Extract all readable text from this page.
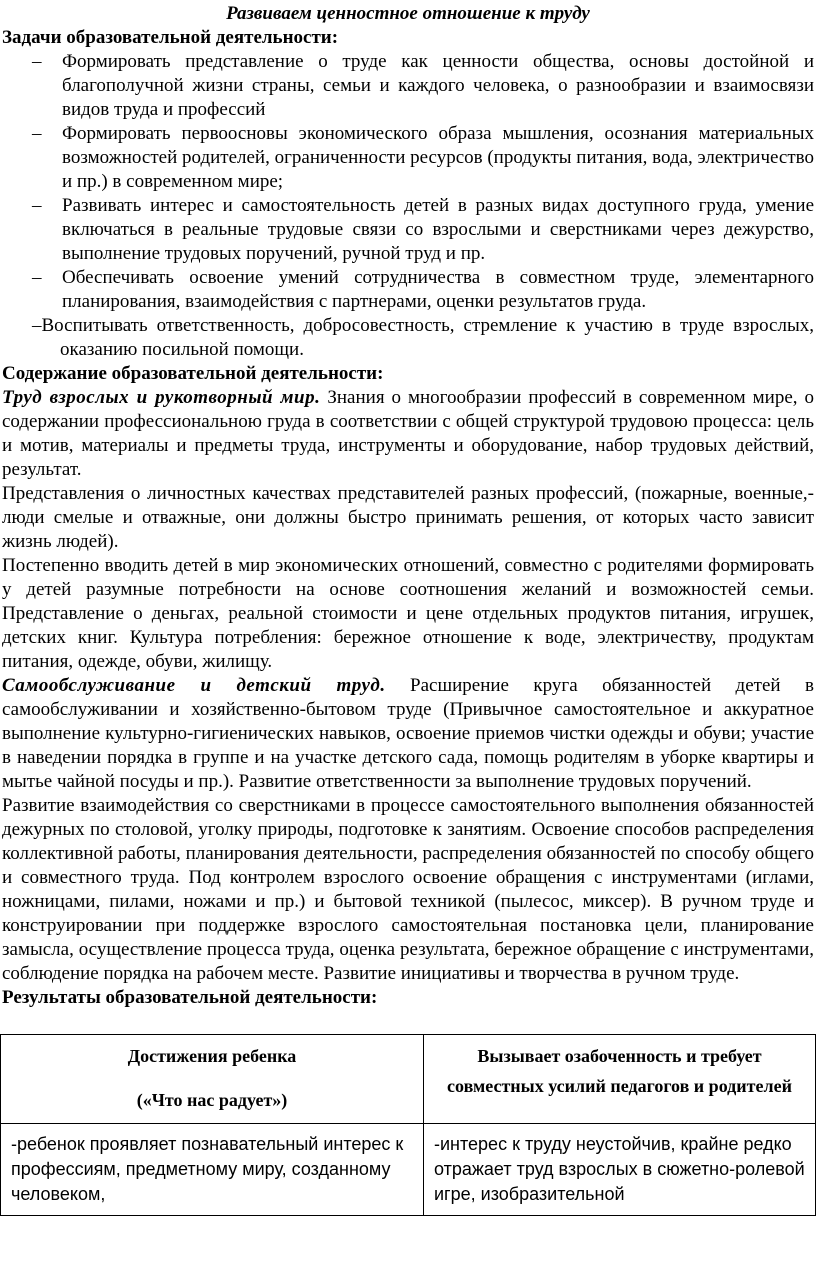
Развиваем ценностное отношение к труду

Задачи образовательной деятельности:

– Формировать представление о труде как ценности общества, основы достойной и благополучной жизни страны, семьи и каждого человека, о разнообразии и взаимосвязи видов труда и профессий
– Формировать первоосновы экономического образа мышления, осознания материальных возможностей родителей, ограниченности ресурсов (продукты питания, вода, электричество и пр.) в современном мире;
– Развивать интерес и самостоятельность детей в разных видах доступного груда, умение включаться в реальные трудовые связи со взрослыми и сверстниками через дежурство, выполнение трудовых поручений, ручной труд и пр.
– Обеспечивать освоение умений сотрудничества в совместном труде, элементарного планирования, взаимодействия с партнерами, оценки результатов груда.

–Воспитывать ответственность, добросовестность, стремление к участию в труде взрослых, оказанию посильной помощи.

Содержание образовательной деятельности:

Труд взрослых и рукотворный мир. Знания о многообразии профессий в современном мире, о содержании профессиональною груда в соответствии с общей структурой трудовою процесса: цель и мотив, материалы и предметы труда, инструменты и оборудование, набор трудовых действий, результат.

Представления о личностных качествах представителей разных профессий, (пожарные, военные,- люди смелые и отважные, они должны быстро принимать решения, от которых часто зависит жизнь людей).

Постепенно вводить детей в мир экономических отношений, совместно с родителями формировать у детей разумные потребности на основе соотношения желаний и возможностей семьи. Представление о деньгах, реальной стоимости и цене отдельных продуктов питания, игрушек, детских книг. Культура потребления: бережное отношение к воде, электричеству, продуктам питания, одежде, обуви, жилищу.

Самообслуживание и детский труд. Расширение круга обязанностей детей в самообслуживании и хозяйственно-бытовом труде (Привычное самостоятельное и аккуратное выполнение культурно-гигиенических навыков, освоение приемов чистки одежды и обуви; участие в наведении порядка в группе и на участке детского сада, помощь родителям в уборке квартиры и мытье чайной посуды и пр.). Развитие ответственности за выполнение трудовых поручений.

Развитие взаимодействия со сверстниками в процессе самостоятельного выполнения обязанностей дежурных по столовой, уголку природы, подготовке к занятиям. Освоение способов распределения коллективной работы, планирования деятельности, распределения обязанностей по способу общего и совместного труда. Под контролем взрослого освоение обращения с инструментами (иглами, ножницами, пилами, ножами и пр.) и бытовой техникой (пылесос, миксер). В ручном труде и конструировании при поддержке взрослого самостоятельная постановка цели, планирование замысла, осуществление процесса труда, оценка результата, бережное обращение с инструментами, соблюдение порядка на рабочем месте. Развитие инициативы и творчества в ручном труде.

Результаты образовательной деятельности:

Достижения ребенка
(«Что нас радует»)	Вызывает озабоченность и требует совместных усилий педагогов и родителей

-ребенок проявляет познавательный интерес к профессиям, предметному миру, созданному человеком,	-интерес к труду неустойчив, крайне редко отражает труд взрослых в сюжетно-ролевой игре, изобразительной
